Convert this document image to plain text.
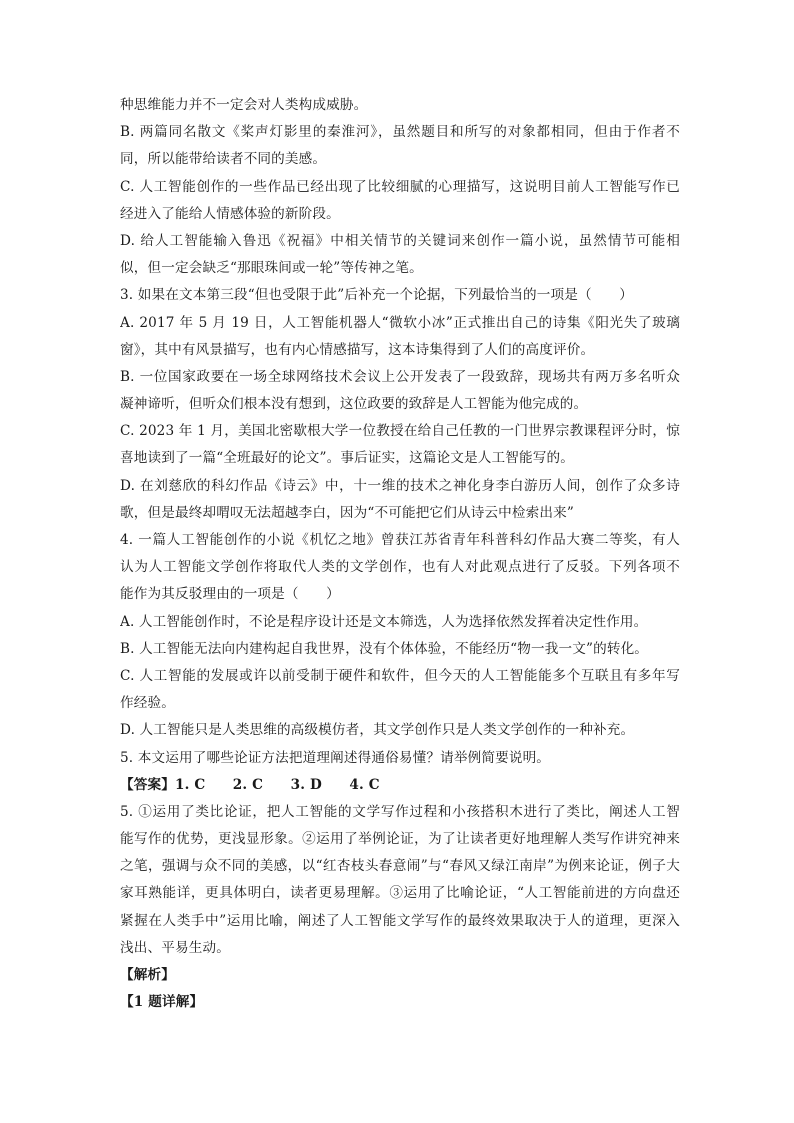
种思维能力并不一定会对人类构成威胁。
B. 两篇同名散文《桨声灯影里的秦淮河》，虽然题目和所写的对象都相同，但由于作者不
同，所以能带给读者不同的美感。
C. 人工智能创作的一些作品已经出现了比较细腻的心理描写，这说明目前人工智能写作已
经进入了能给人情感体验的新阶段。
D. 给人工智能输入鲁迅《祝福》中相关情节的关键词来创作一篇小说，虽然情节可能相
似，但一定会缺乏“那眼珠间或一轮”等传神之笔。
3. 如果在文本第三段“但也受限于此”后补充一个论据，下列最恰当的一项是（　　）
A. 2017 年 5 月 19 日，人工智能机器人“微软小冰”正式推出自己的诗集《阳光失了玻璃
窗》，其中有风景描写，也有内心情感描写，这本诗集得到了人们的高度评价。
B. 一位国家政要在一场全球网络技术会议上公开发表了一段致辞，现场共有两万多名听众
凝神谛听，但听众们根本没有想到，这位政要的致辞是人工智能为他完成的。
C. 2023 年 1 月，美国北密歇根大学一位教授在给自己任教的一门世界宗教课程评分时，惊
喜地读到了一篇“全班最好的论文”。事后证实，这篇论文是人工智能写的。
D. 在刘慈欣的科幻作品《诗云》中，十一维的技术之神化身李白游历人间，创作了众多诗
歌，但是最终却喟叹无法超越李白，因为“不可能把它们从诗云中检索出来”
4. 一篇人工智能创作的小说《机忆之地》曾获江苏省青年科普科幻作品大赛二等奖，有人
认为人工智能文学创作将取代人类的文学创作，也有人对此观点进行了反驳。下列各项不
能作为其反驳理由的一项是（　　）
A. 人工智能创作时，不论是程序设计还是文本筛选，人为选择依然发挥着决定性作用。
B. 人工智能无法向内建构起自我世界，没有个体体验，不能经历“物一我一文”的转化。
C. 人工智能的发展或许以前受制于硬件和软件，但今天的人工智能能多个互联且有多年写
作经验。
D. 人工智能只是人类思维的高级模仿者，其文学创作只是人类文学创作的一种补充。
5. 本文运用了哪些论证方法把道理阐述得通俗易懂？请举例简要说明。
【答案】1. C　　2. C　　3. D　　4. C
5. ①运用了类比论证，把人工智能的文学写作过程和小孩搭积木进行了类比，阐述人工智
能写作的优势，更浅显形象。②运用了举例论证，为了让读者更好地理解人类写作讲究神来
之笔，强调与众不同的美感，以“红杏枝头春意闹”与“春风又绿江南岸”为例来论证，例子大
家耳熟能详，更具体明白，读者更易理解。③运用了比喻论证，“人工智能前进的方向盘还
紧握在人类手中”运用比喻，阐述了人工智能文学写作的最终效果取决于人的道理，更深入
浅出、平易生动。
【解析】
【1 题详解】
